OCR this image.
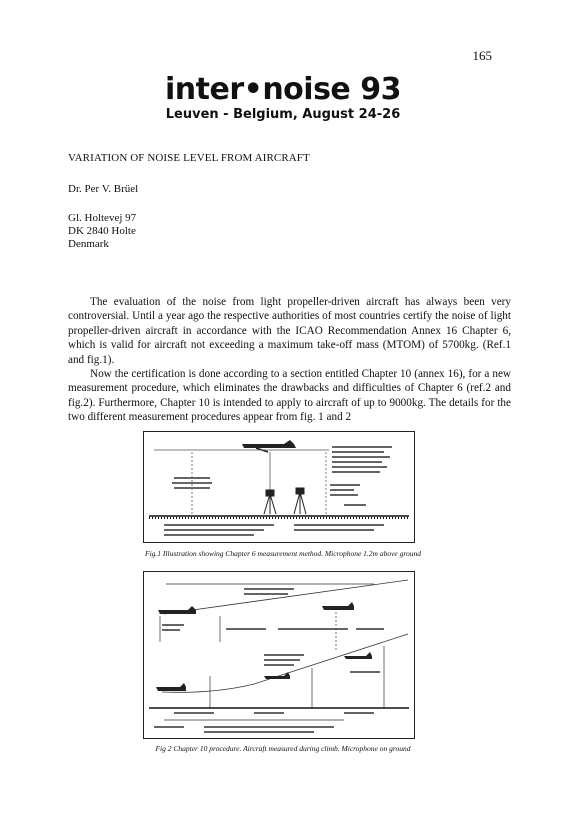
165
inter•noise 93
Leuven - Belgium, August 24-26
VARIATION OF NOISE LEVEL FROM AIRCRAFT
Dr. Per V. Brüel
Gl. Holtevej 97
DK 2840 Holte
Denmark

The evaluation of the noise from light propeller-driven aircraft has always been very controversial. Until a year ago the respective authorities of most countries certify the noise of light propeller-driven aircraft in accordance with the ICAO Recommendation Annex 16 Chapter 6, which is valid for aircraft not exceeding a maximum take-off mass (MTOM) of 5700kg. (Ref.1 and fig.1).

Now the certification is done according to a section entitled Chapter 10 (annex 16), for a new measurement procedure, which eliminates the drawbacks and difficulties of Chapter 6 (ref.2 and fig.2). Furthermore, Chapter 10 is intended to apply to aircraft of up to 9000kg. The details for the two different measurement procedures appear from fig. 1 and 2

Fig.1 Illustration showing Chapter 6 measurement method. Microphone 1.2m above ground
Fig 2 Chapter 10 procedure. Aircraft measured during climb. Microphone on ground
